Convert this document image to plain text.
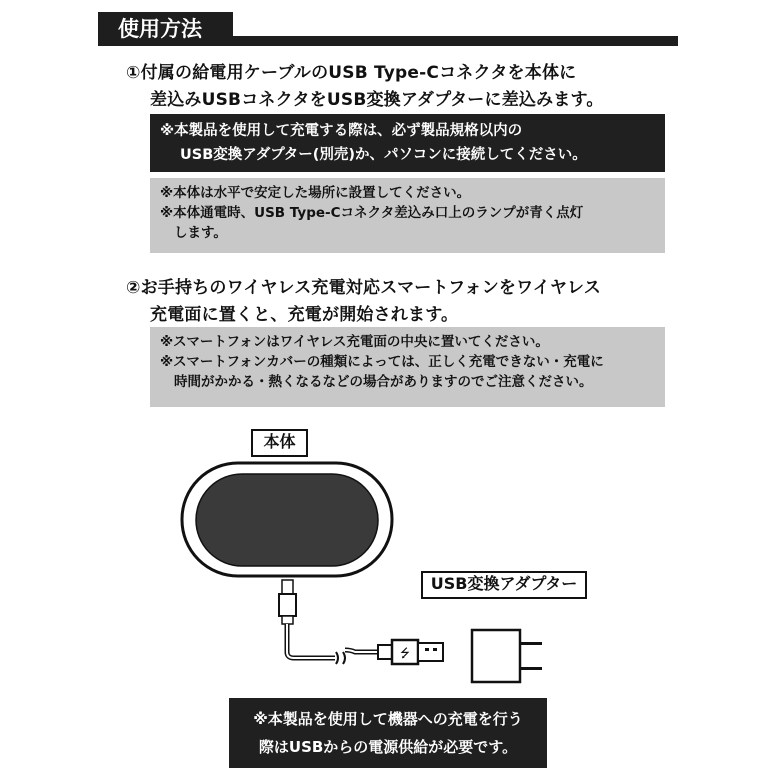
使用方法
①付属の給電用ケーブルのUSB Type-Cコネクタを本体に
差込みUSBコネクタをUSB変換アダプターに差込みます。
※本製品を使用して充電する際は、必ず製品規格以内の
USB変換アダプター(別売)か、パソコンに接続してください。
※本体は水平で安定した場所に設置してください。
※本体通電時、USB Type-Cコネクタ差込み口上のランプが青く点灯
します。
②お手持ちのワイヤレス充電対応スマートフォンをワイヤレス
充電面に置くと、充電が開始されます。
※スマートフォンはワイヤレス充電面の中央に置いてください。
※スマートフォンカバーの種類によっては、正しく充電できない・充電に
時間がかかる・熱くなるなどの場合がありますのでご注意ください。
⭍
本体
USB変換アダプター
※本製品を使用して機器への充電を行う
際はUSBからの電源供給が必要です。
